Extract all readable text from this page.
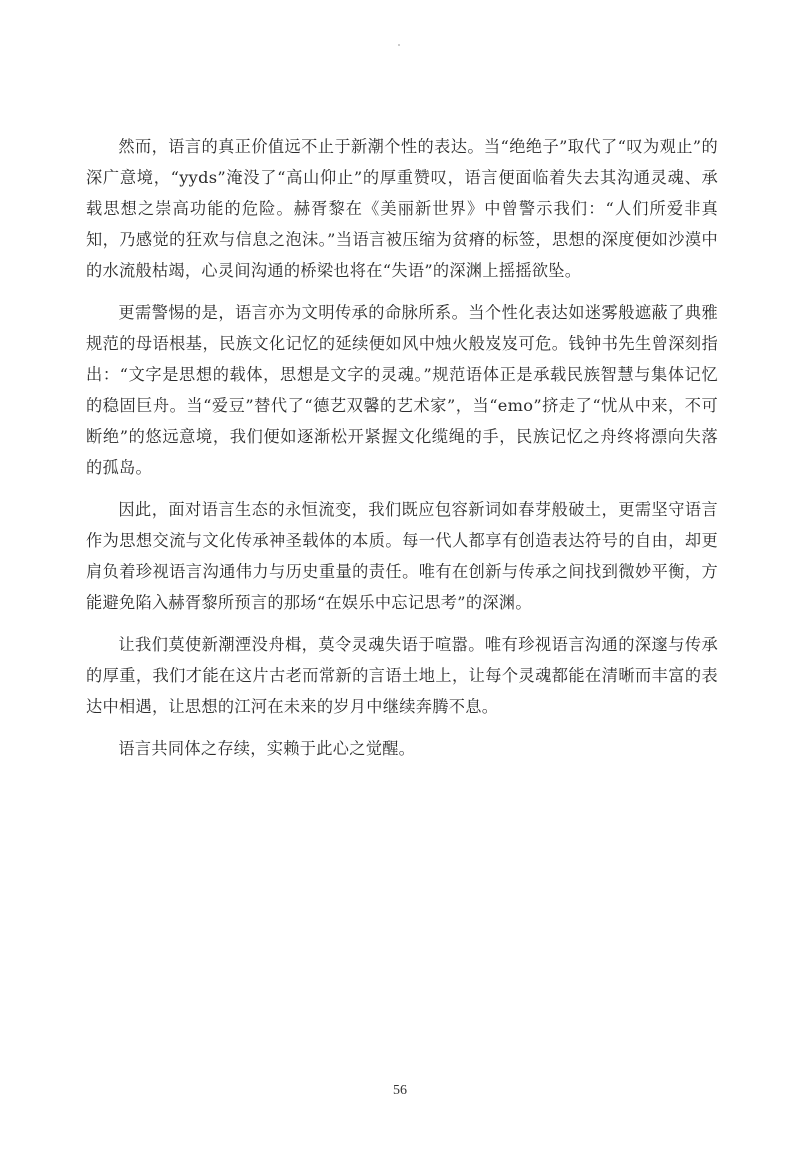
然而，语言的真正价值远不止于新潮个性的表达。当“绝绝子”取代了“叹为观止”的深广意境，“yyds”淹没了“高山仰止”的厚重赞叹，语言便面临着失去其沟通灵魂、承载思想之崇高功能的危险。赫胥黎在《美丽新世界》中曾警示我们：“人们所爱非真知，乃感觉的狂欢与信息之泡沫。”当语言被压缩为贫瘠的标签，思想的深度便如沙漠中的水流般枯竭，心灵间沟通的桥梁也将在“失语”的深渊上摇摇欲坠。

更需警惕的是，语言亦为文明传承的命脉所系。当个性化表达如迷雾般遮蔽了典雅规范的母语根基，民族文化记忆的延续便如风中烛火般岌岌可危。钱钟书先生曾深刻指出：“文字是思想的载体，思想是文字的灵魂。”规范语体正是承载民族智慧与集体记忆的稳固巨舟。当“爱豆”替代了“德艺双馨的艺术家”，当“emo”挤走了“忧从中来，不可断绝”的悠远意境，我们便如逐渐松开紧握文化缆绳的手，民族记忆之舟终将漂向失落的孤岛。

因此，面对语言生态的永恒流变，我们既应包容新词如春芽般破土，更需坚守语言作为思想交流与文化传承神圣载体的本质。每一代人都享有创造表达符号的自由，却更肩负着珍视语言沟通伟力与历史重量的责任。唯有在创新与传承之间找到微妙平衡，方能避免陷入赫胥黎所预言的那场“在娱乐中忘记思考”的深渊。

让我们莫使新潮湮没舟楫，莫令灵魂失语于喧嚣。唯有珍视语言沟通的深邃与传承的厚重，我们才能在这片古老而常新的言语土地上，让每个灵魂都能在清晰而丰富的表达中相遇，让思想的江河在未来的岁月中继续奔腾不息。

语言共同体之存续，实赖于此心之觉醒。

56
